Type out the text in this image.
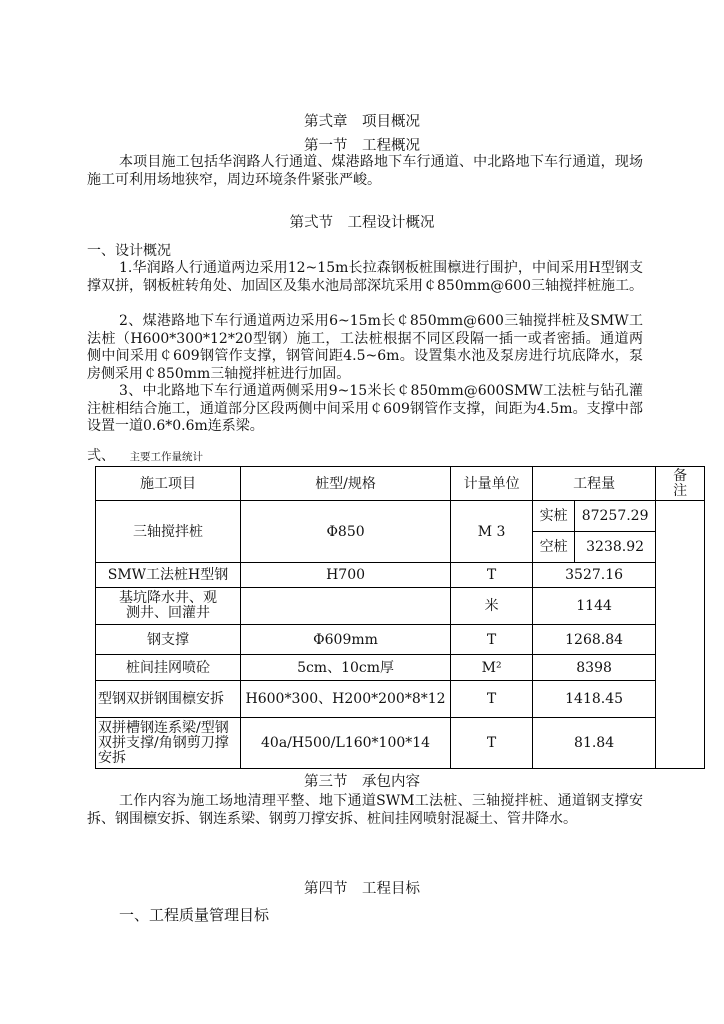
第弍章　项目概况
第一节　工程概况
本项目施工包括华润路人行通道、煤港路地下车行通道、中北路地下车行通道，现场施工可利用场地狭窄，周边环境条件紧张严峻。
第弍节　工程设计概况
一、设计概况
1.华润路人行通道两边采用12~15m长拉森钢板桩围檩进行围护，中间采用H型钢支撑双拼，钢板桩转角处、加固区及集水池局部深坑采用￠850mm@600三轴搅拌桩施工。
2、煤港路地下车行通道两边采用6~15m长￠850mm@600三轴搅拌桩及SMW工法桩（H600*300*12*20型钢）施工，工法桩根据不同区段隔一插一或者密插。通道两侧中间采用￠609钢管作支撑，钢管间距4.5~6m。设置集水池及泵房进行坑底降水，泵房侧采用￠850mm三轴搅拌桩进行加固。
3、中北路地下车行通道两侧采用9~15米长￠850mm@600SMW工法桩与钻孔灌注桩相结合施工，通道部分区段两侧中间采用￠609钢管作支撑，间距为4.5m。支撑中部设置一道0.6*0.6m连系梁。
弍、 主要工作量统计
施工项目	桩型/规格	计量单位	工程量		备注
三轴搅拌桩	Φ850	M 3	实桩	87257.29	
			空桩	3238.92	
SMW工法桩H型钢	H700	T	3527.16		
基坑降水井、观测井、回灌井		米	1144		
钢支撑	Φ609mm	T	1268.84		
桩间挂网喷砼	5cm、10cm厚	M²	8398		
型钢双拼钢围檩安拆	H600*300、H200*200*8*12	T	1418.45		
双拼槽钢连系梁/型钢双拼支撑/角钢剪刀撑安拆	40a/H500/L160*100*14	T	81.84		
第三节　承包内容
工作内容为施工场地清理平整、地下通道SWM工法桩、三轴搅拌桩、通道钢支撑安拆、钢围檩安拆、钢连系梁、钢剪刀撑安拆、桩间挂网喷射混凝土、管井降水。
第四节　工程目标
一、工程质量管理目标
